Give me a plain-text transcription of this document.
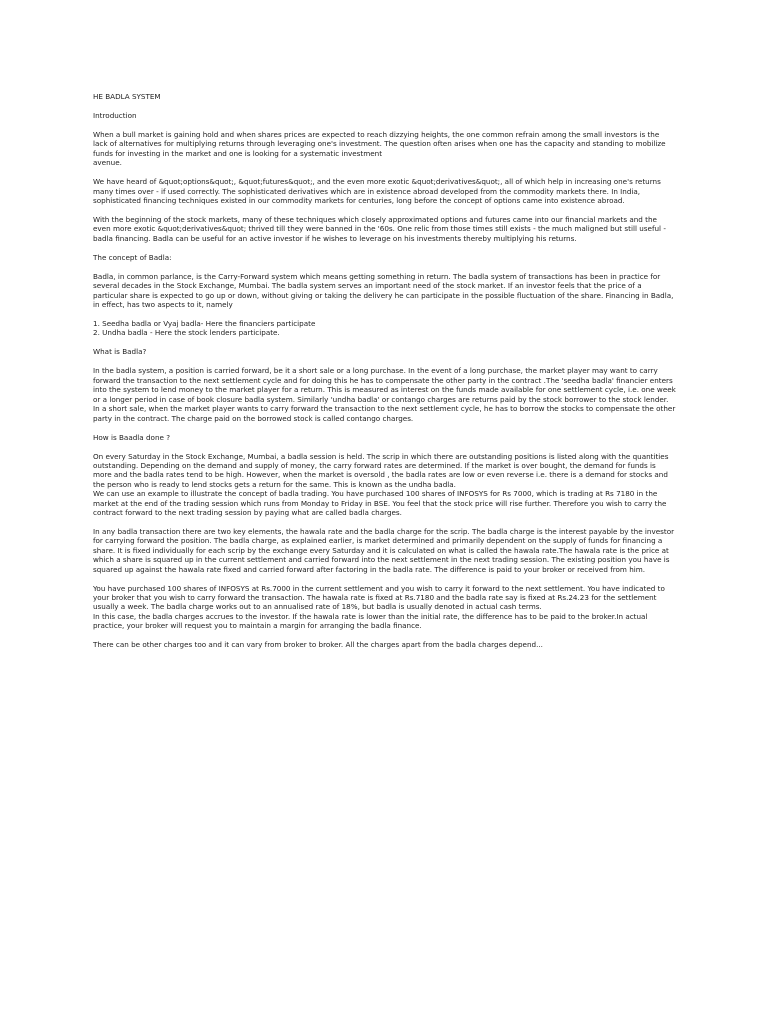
HE BADLA SYSTEM

Introduction

When a bull market is gaining hold and when shares prices are expected to reach dizzying heights, the one common refrain among the small investors is the lack of alternatives for multiplying returns through leveraging one's investment. The question often arises when one has the capacity and standing to mobilize funds for investing in the market and one is looking for a systematic investment
avenue.

We have heard of &quot;options&quot;, &quot;futures&quot;, and the even more exotic &quot;derivatives&quot;, all of which help in increasing one's returns many times over - if used correctly. The sophisticated derivatives which are in existence abroad developed from the commodity markets there. In India, sophisticated financing techniques existed in our commodity markets for centuries, long before the concept of options came into existence abroad.

With the beginning of the stock markets, many of these techniques which closely approximated options and futures came into our financial markets and the even more exotic &quot;derivatives&quot; thrived till they were banned in the '60s. One relic from those times still exists - the much maligned but still useful - badla financing. Badla can be useful for an active investor if he wishes to leverage on his investments thereby multiplying his returns.

The concept of Badla:

Badla, in common parlance, is the Carry-Forward system which means getting something in return. The badla system of transactions has been in practice for several decades in the Stock Exchange, Mumbai. The badla system serves an important need of the stock market. If an investor feels that the price of a particular share is expected to go up or down, without giving or taking the delivery he can participate in the possible fluctuation of the share. Financing in Badla, in effect, has two aspects to it, namely

1. Seedha badla or Vyaj badla- Here the financiers participate
2. Undha badla - Here the stock lenders participate.

What is Badla?

In the badla system, a position is carried forward, be it a short sale or a long purchase. In the event of a long purchase, the market player may want to carry forward the transaction to the next settlement cycle and for doing this he has to compensate the other party in the contract .The 'seedha badla' financier enters into the system to lend money to the market player for a return. This is measured as interest on the funds made available for one settlement cycle, i.e. one week or a longer period in case of book closure badla system. Similarly 'undha badla' or contango charges are returns paid by the stock borrower to the stock lender. In a short sale, when the market player wants to carry forward the transaction to the next settlement cycle, he has to borrow the stocks to compensate the other party in the contract. The charge paid on the borrowed stock is called contango charges.

How is Baadla done ?

On every Saturday in the Stock Exchange, Mumbai, a badla session is held. The scrip in which there are outstanding positions is listed along with the quantities outstanding. Depending on the demand and supply of money, the carry forward rates are determined. If the market is over bought, the demand for funds is more and the badla rates tend to be high. However, when the market is oversold , the badla rates are low or even reverse i.e. there is a demand for stocks and the person who is ready to lend stocks gets a return for the same. This is known as the undha badla.
We can use an example to illustrate the concept of badla trading. You have purchased 100 shares of INFOSYS for Rs 7000, which is trading at Rs 7180 in the market at the end of the trading session which runs from Monday to Friday in BSE. You feel that the stock price will rise further. Therefore you wish to carry the contract forward to the next trading session by paying what are called badla charges.

In any badla transaction there are two key elements, the hawala rate and the badla charge for the scrip. The badla charge is the interest payable by the investor for carrying forward the position. The badla charge, as explained earlier, is market determined and primarily dependent on the supply of funds for financing a share. It is fixed individually for each scrip by the exchange every Saturday and it is calculated on what is called the hawala rate.The hawala rate is the price at which a share is squared up in the current settlement and carried forward into the next settlement in the next trading session. The existing position you have is squared up against the hawala rate fixed and carried forward after factoring in the badla rate. The difference is paid to your broker or received from him.

You have purchased 100 shares of INFOSYS at Rs.7000 in the current settlement and you wish to carry it forward to the next settlement. You have indicated to your broker that you wish to carry forward the transaction. The hawala rate is fixed at Rs.7180 and the badla rate say is fixed at Rs.24.23 for the settlement usually a week. The badla charge works out to an annualised rate of 18%, but badla is usually denoted in actual cash terms.
In this case, the badla charges accrues to the investor. If the hawala rate is lower than the initial rate, the difference has to be paid to the broker.In actual practice, your broker will request you to maintain a margin for arranging the badla finance.

There can be other charges too and it can vary from broker to broker. All the charges apart from the badla charges depend...
